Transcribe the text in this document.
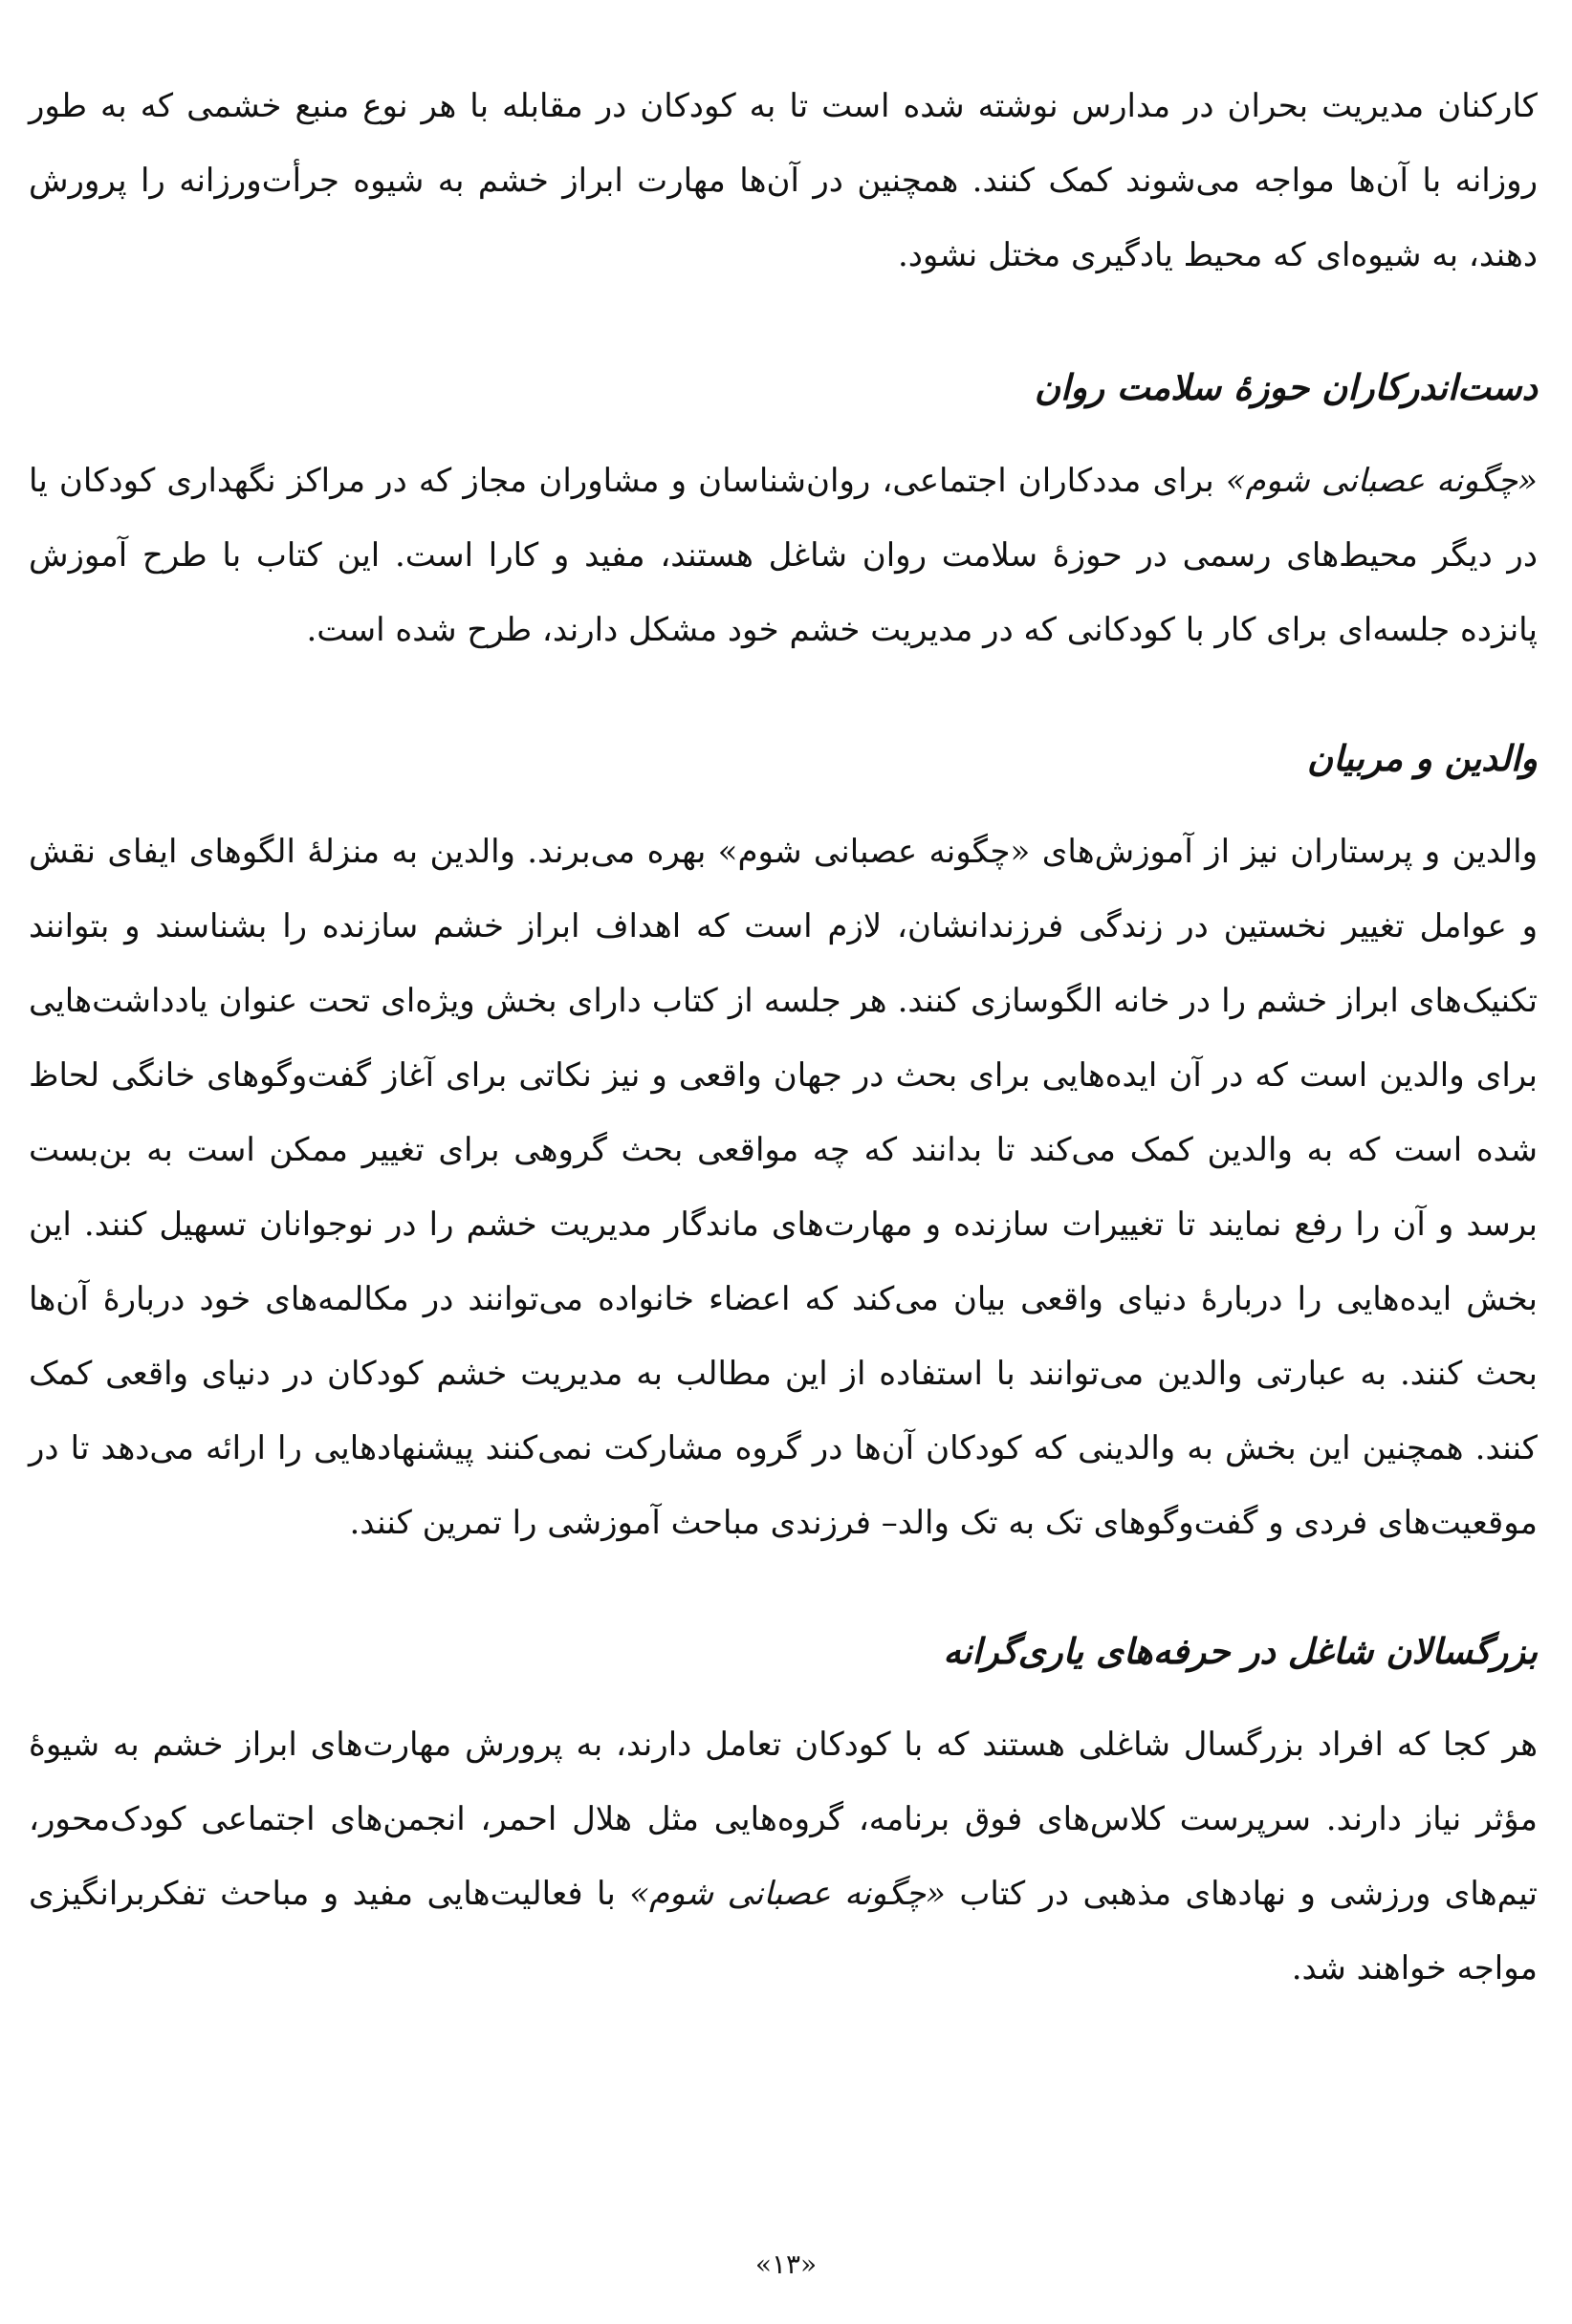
کارکنان مدیریت بحران در مدارس نوشته شده است تا به کودکان در مقابله با هر نوع منبع خشمی که به طور روزانه با آن‌ها مواجه می‌شوند کمک کنند. همچنین در آن‌ها مهارت ابراز خشم به شیوه جرأت‌ورزانه را پرورش دهند، به شیوه‌ای که محیط یادگیری مختل نشود.

دست‌اندرکاران حوزهٔ سلامت روان

«چگونه عصبانی شوم» برای مددکاران اجتماعی، روان‌شناسان و مشاوران مجاز که در مراکز نگهداری کودکان یا در دیگر محیط‌های رسمی در حوزهٔ سلامت روان شاغل هستند، مفید و کارا است. این کتاب با طرح آموزش پانزده جلسه‌ای برای کار با کودکانی که در مدیریت خشم خود مشکل دارند، طرح شده است.

والدین و مربیان

والدین و پرستاران نیز از آموزش‌های «چگونه عصبانی شوم» بهره می‌برند. والدین به منزلهٔ الگوهای ایفای نقش و عوامل تغییر نخستین در زندگی فرزندانشان، لازم است که اهداف ابراز خشم سازنده را بشناسند و بتوانند تکنیک‌های ابراز خشم را در خانه الگوسازی کنند. هر جلسه از کتاب دارای بخش ویژه‌ای تحت عنوان یادداشت‌هایی برای والدین است که در آن ایده‌هایی برای بحث در جهان واقعی و نیز نکاتی برای آغاز گفت‌وگوهای خانگی لحاظ شده است که به والدین کمک می‌کند تا بدانند که چه مواقعی بحث گروهی برای تغییر ممکن است به بن‌بست برسد و آن را رفع نمایند تا تغییرات سازنده و مهارت‌های ماندگار مدیریت خشم را در نوجوانان تسهیل کنند. این بخش ایده‌هایی را دربارهٔ دنیای واقعی بیان می‌کند که اعضاء خانواده می‌توانند در مکالمه‌های خود دربارهٔ آن‌ها بحث کنند. به عبارتی والدین می‌توانند با استفاده از این مطالب به مدیریت خشم کودکان در دنیای واقعی کمک کنند. همچنین این بخش به والدینی که کودکان آن‌ها در گروه مشارکت نمی‌کنند پیشنهادهایی را ارائه می‌دهد تا در موقعیت‌های فردی و گفت‌وگوهای تک به تک والد– فرزندی مباحث آموزشی را تمرین کنند.

بزرگسالان شاغل در حرفه‌های یاری‌گرانه

هر کجا که افراد بزرگسال شاغلی هستند که با کودکان تعامل دارند، به پرورش مهارت‌های ابراز خشم به شیوهٔ مؤثر نیاز دارند. سرپرست کلاس‌های فوق برنامه، گروه‌هایی مثل هلال احمر، انجمن‌های اجتماعی کودک‌محور، تیم‌های ورزشی و نهادهای مذهبی در کتاب «چگونه عصبانی شوم» با فعالیت‌هایی مفید و مباحث تفکربرانگیزی مواجه خواهند شد.

«۱۳»
